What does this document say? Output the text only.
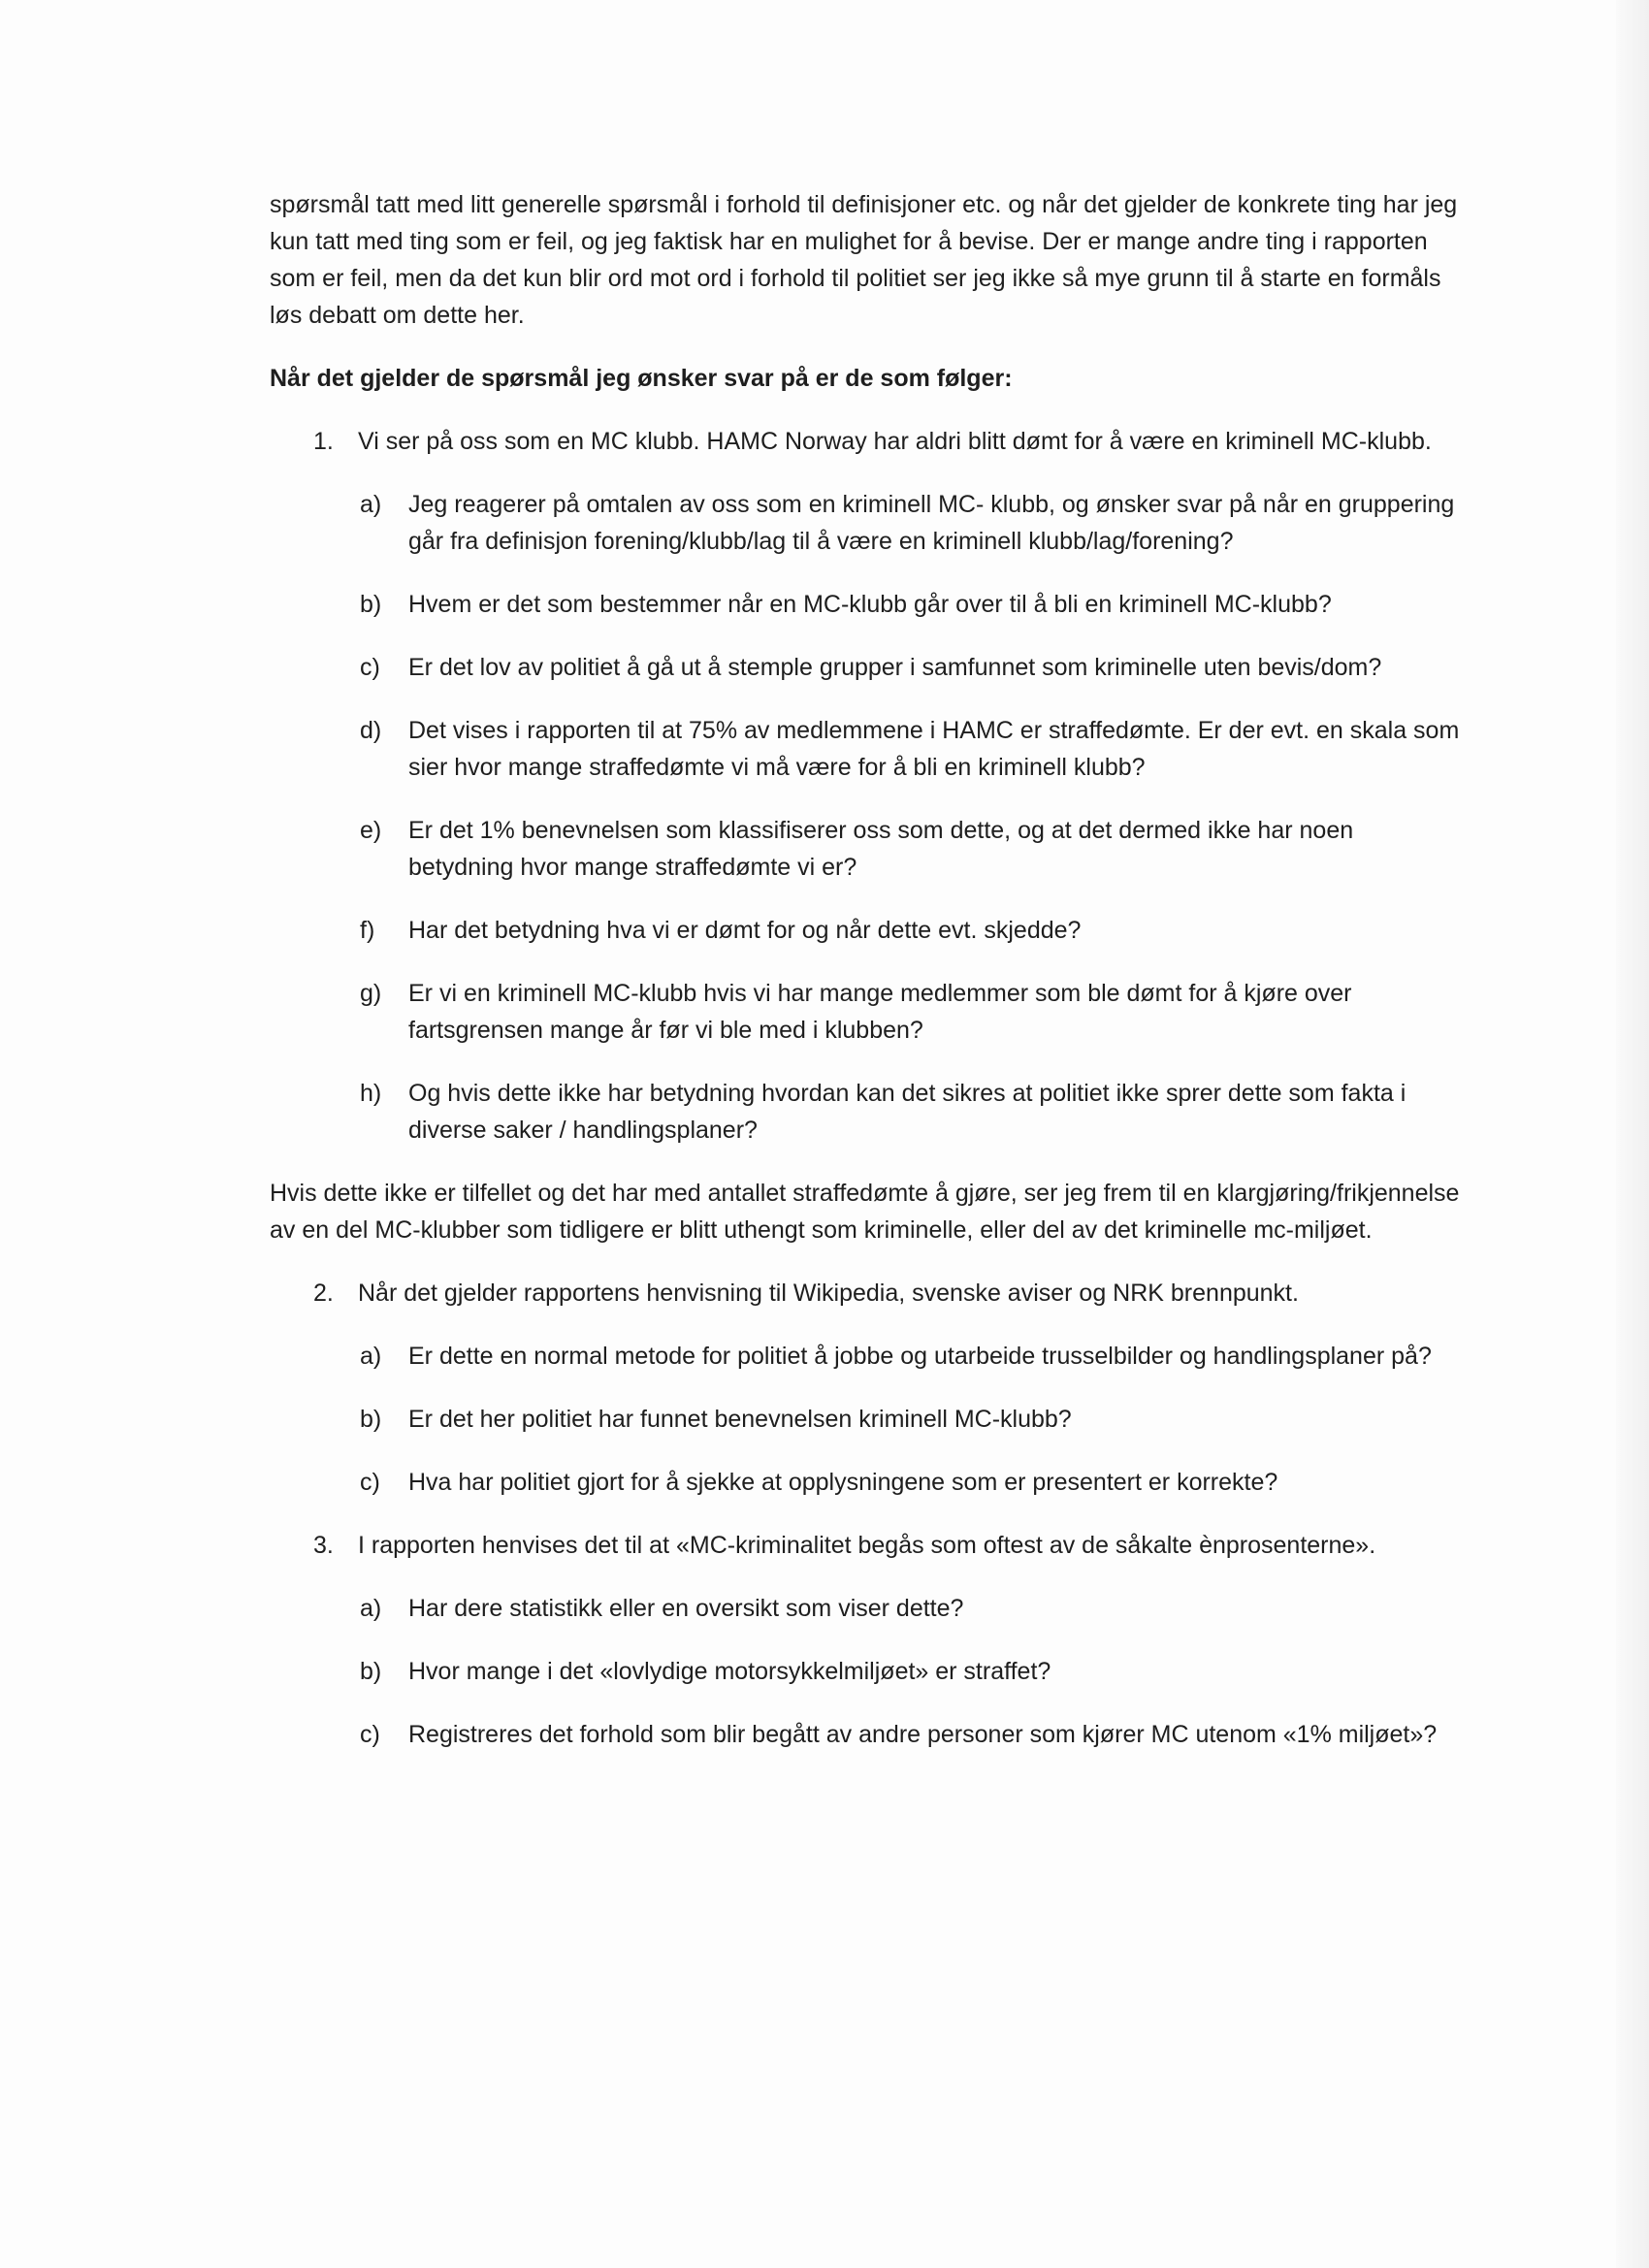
spørsmål tatt med litt generelle spørsmål i forhold til definisjoner etc. og når det gjelder de konkrete ting har jeg kun tatt med ting som er feil, og jeg faktisk har en mulighet for å bevise. Der er mange andre ting i rapporten som er feil, men da det kun blir ord mot ord i forhold til politiet ser jeg ikke så mye grunn til å starte en formåls løs debatt om dette her.

Når det gjelder de spørsmål jeg ønsker svar på er de som følger:

1. Vi ser på oss som en MC klubb. HAMC Norway har aldri blitt dømt for å være en kriminell MC-klubb.
a) Jeg reagerer på omtalen av oss som en kriminell MC- klubb, og ønsker svar på når en gruppering går fra definisjon forening/klubb/lag til å være en kriminell klubb/lag/forening?
b) Hvem er det som bestemmer når en MC-klubb går over til å bli en kriminell MC-klubb?
c) Er det lov av politiet å gå ut å stemple grupper i samfunnet som kriminelle uten bevis/dom?
d) Det vises i rapporten til at 75% av medlemmene i HAMC er straffedømte. Er der evt. en skala som sier hvor mange straffedømte vi må være for å bli en kriminell klubb?
e) Er det 1% benevnelsen som klassifiserer oss som dette, og at det dermed ikke har noen betydning hvor mange straffedømte vi er?
f) Har det betydning hva vi er dømt for og når dette evt. skjedde?
g) Er vi en kriminell MC-klubb hvis vi har mange medlemmer som ble dømt for å kjøre over fartsgrensen mange år før vi ble med i klubben?
h) Og hvis dette ikke har betydning hvordan kan det sikres at politiet ikke sprer dette som fakta i diverse saker / handlingsplaner?

Hvis dette ikke er tilfellet og det har med antallet straffedømte å gjøre, ser jeg frem til en klargjøring/frikjennelse av en del MC-klubber som tidligere er blitt uthengt som kriminelle, eller del av det kriminelle mc-miljøet.

2. Når det gjelder rapportens henvisning til Wikipedia, svenske aviser og NRK brennpunkt.
a) Er dette en normal metode for politiet å jobbe og utarbeide trusselbilder og handlingsplaner på?
b) Er det her politiet har funnet benevnelsen kriminell MC-klubb?
c) Hva har politiet gjort for å sjekke at opplysningene som er presentert er korrekte?
3. I rapporten henvises det til at «MC-kriminalitet begås som oftest av de såkalte ènprosenterne».
a) Har dere statistikk eller en oversikt som viser dette?
b) Hvor mange i det «lovlydige motorsykkelmiljøet» er straffet?
c) Registreres det forhold som blir begått av andre personer som kjører MC utenom «1% miljøet»?
